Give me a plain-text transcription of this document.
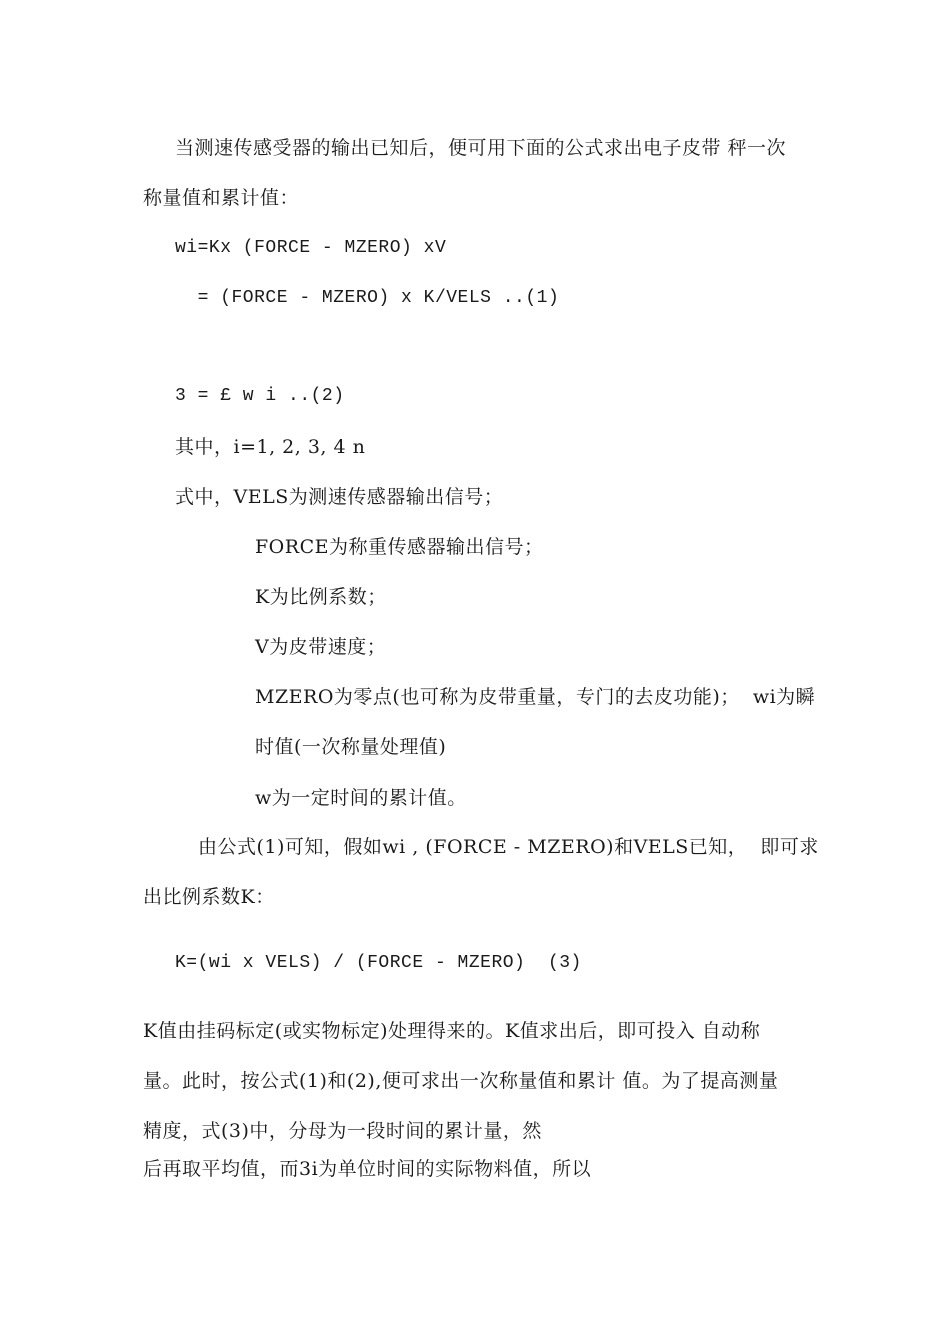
当测速传感受器的输出已知后，便可用下面的公式求出电子皮带 秤一次
称量值和累计值：
wi=Kx (FORCE - MZERO) xV
= (FORCE - MZERO) x K/VELS ..(1)
3 = £ w i ..(2)
其中，i=1, 2, 3, 4 n
式中，VELS为测速传感器输出信号；
FORCE为称重传感器输出信号；
K为比例系数；
V为皮带速度；
MZERO为零点(也可称为皮带重量，专门的去皮功能)；  wi为瞬
时值(一次称量处理值)
w为一定时间的累计值。
由公式(1)可知，假如wi , (FORCE - MZERO)和VELS已知，  即可求
出比例系数K：
K=(wi x VELS) / (FORCE - MZERO)  (3)
K值由挂码标定(或实物标定)处理得来的。K值求出后，即可投入 自动称
量。此时，按公式(1)和(2),便可求出一次称量值和累计 值。为了提高测量
精度，式(3)中，分母为一段时间的累计量，然
后再取平均值，而3i为单位时间的实际物料值，所以
